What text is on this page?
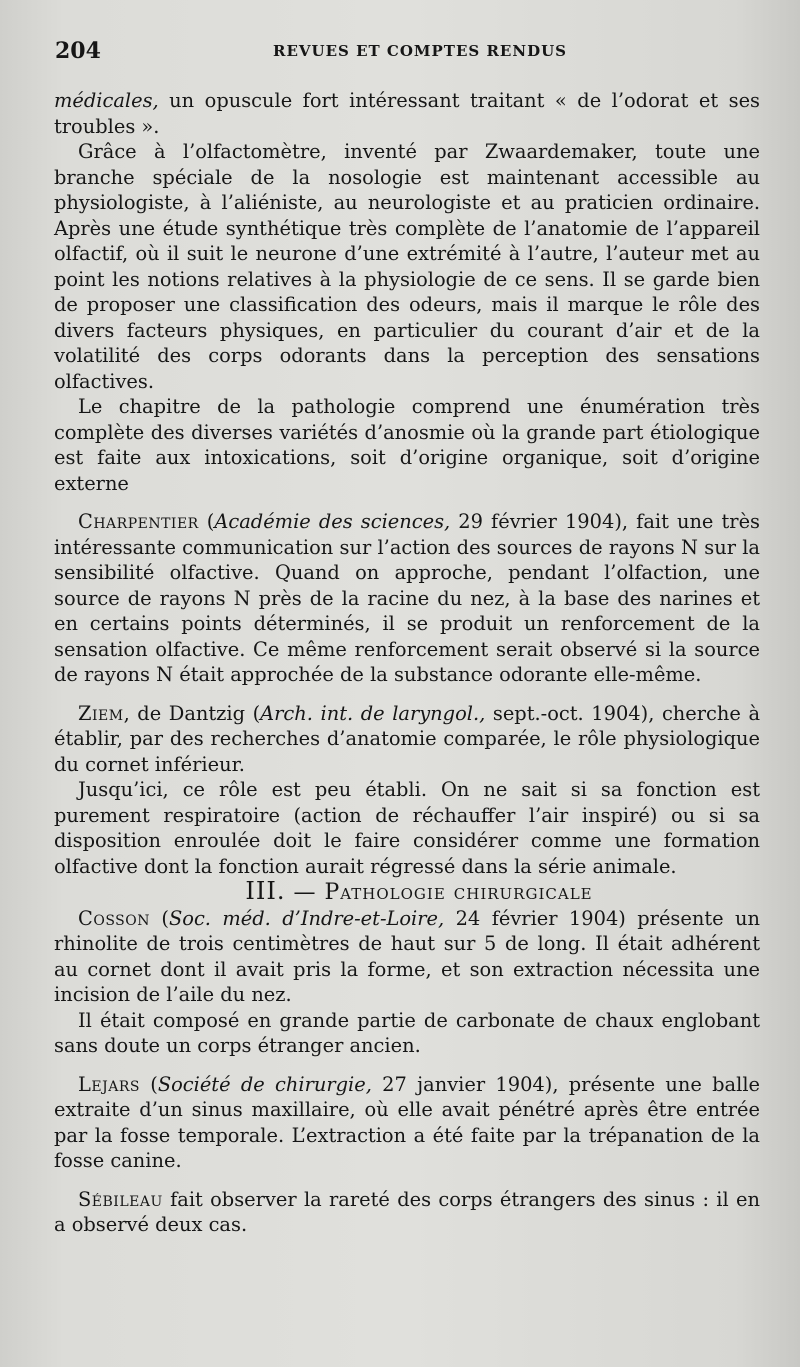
204	REVUES ET COMPTES RENDUS

médicales, un opuscule fort intéressant traitant « de l’odorat et ses troubles ».

Grâce à l’olfactomètre, inventé par Zwaardemaker, toute une branche spéciale de la nosologie est maintenant accessible au physiologiste, à l’aliéniste, au neurologiste et au praticien ordinaire. Après une étude synthétique très complète de l’anatomie de l’appareil olfactif, où il suit le neurone d’une extrémité à l’autre, l’auteur met au point les notions relatives à la physiologie de ce sens. Il se garde bien de proposer une classification des odeurs, mais il marque le rôle des divers facteurs physiques, en particulier du courant d’air et de la volatilité des corps odorants dans la perception des sensations olfactives.

Le chapitre de la pathologie comprend une énumération très complète des diverses variétés d’anosmie où la grande part étiologique est faite aux intoxications, soit d’origine organique, soit d’origine externe

Charpentier (Académie des sciences, 29 février 1904), fait une très intéressante communication sur l’action des sources de rayons N sur la sensibilité olfactive. Quand on approche, pendant l’olfaction, une source de rayons N près de la racine du nez, à la base des narines et en certains points déterminés, il se produit un renforcement de la sensation olfactive. Ce même renforcement serait observé si la source de rayons N était approchée de la substance odorante elle-même.

Ziem, de Dantzig (Arch. int. de laryngol., sept.-oct. 1904), cherche à établir, par des recherches d’anatomie comparée, le rôle physiologique du cornet inférieur.

Jusqu’ici, ce rôle est peu établi. On ne sait si sa fonction est purement respiratoire (action de réchauffer l’air inspiré) ou si sa disposition enroulée doit le faire considérer comme une formation olfactive dont la fonction aurait régressé dans la série animale.

III. — Pathologie chirurgicale

Cosson (Soc. méd. d’Indre-et-Loire, 24 février 1904) présente un rhinolite de trois centimètres de haut sur 5 de long. Il était adhérent au cornet dont il avait pris la forme, et son extraction nécessita une incision de l’aile du nez.

Il était composé en grande partie de carbonate de chaux englobant sans doute un corps étranger ancien.

Lejars (Société de chirurgie, 27 janvier 1904), présente une balle extraite d’un sinus maxillaire, où elle avait pénétré après être entrée par la fosse temporale. L’extraction a été faite par la trépanation de la fosse canine.

Sébileau fait observer la rareté des corps étrangers des sinus : il en a observé deux cas.
